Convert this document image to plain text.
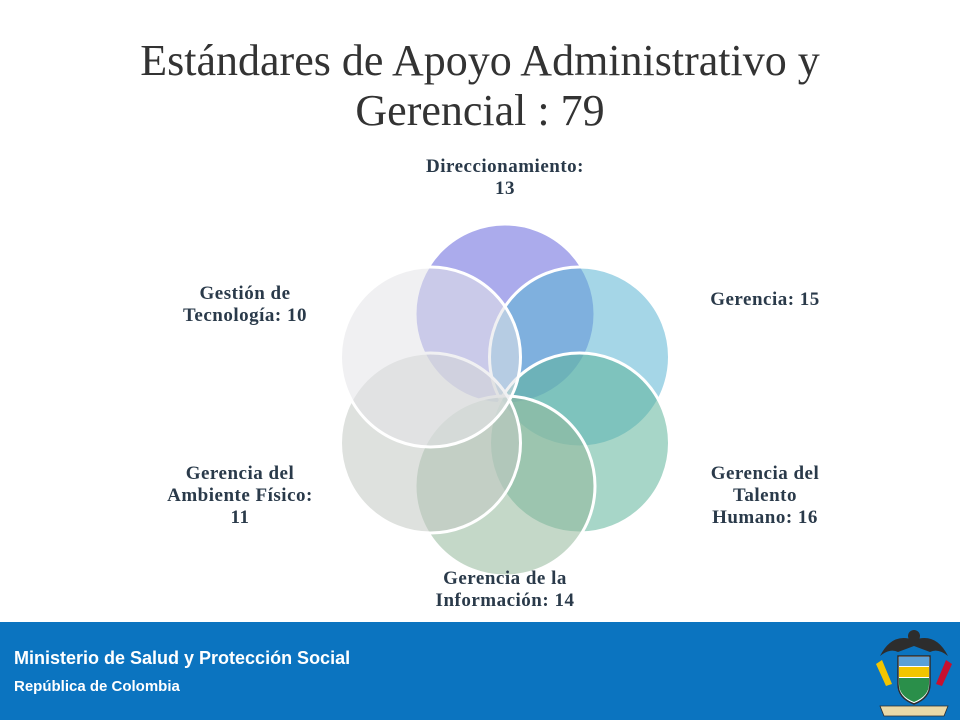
Estándares de Apoyo Administrativo y
Gerencial : 79
Direccionamiento:
13
Gerencia: 15
Gerencia del
Talento
Humano: 16
Gerencia de la
Información: 14
Gerencia del
Ambiente Físico:
11
Gestión de
Tecnología: 10
Ministerio de Salud y Protección Social
República de Colombia
